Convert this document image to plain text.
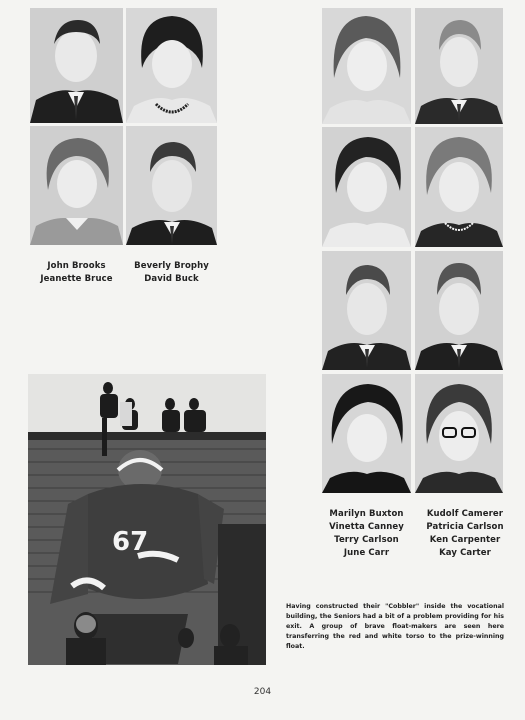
John Brooks
Jeanette Bruce
Beverly Brophy
David Buck
Marilyn Buxton
Vinetta Canney
Terry Carlson
June Carr
Kudolf Camerer
Patricia Carlson
Ken Carpenter
Kay Carter
67
Having constructed their "Cobbler" inside the vocational building, the Seniors had a bit of a problem providing for his exit. A group of brave float-makers are seen here transferring the red and white torso to the prize-winning float.
204
